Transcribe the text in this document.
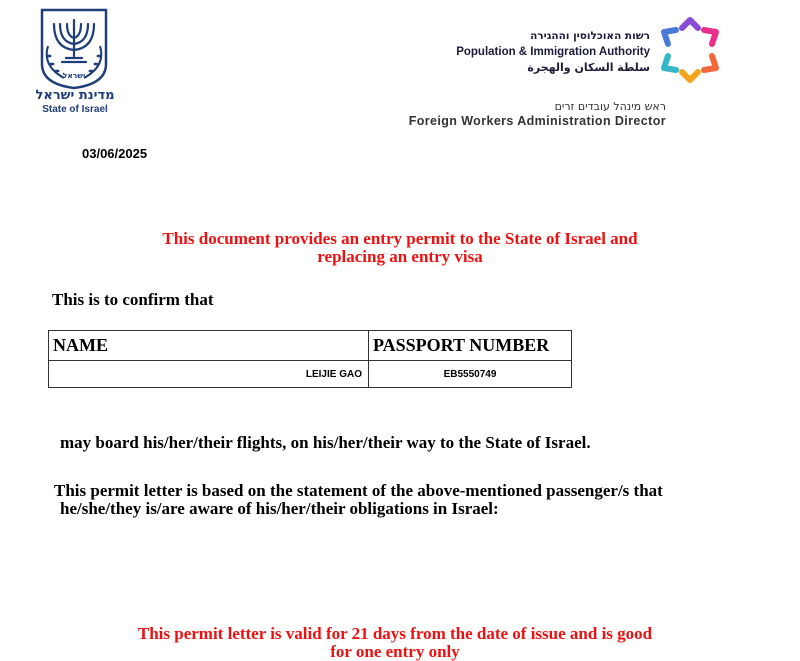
ישראל
מדינת ישראל
State of Israel
רשות האוכלוסין וההגירה
Population & Immigration Authority
سلطة السكان والهجرة
ראש מינהל עובדים זרים
Foreign Workers Administration Director
03/06/2025
This document provides an entry permit to the State of Israel and
replacing an entry visa
This is to confirm that
NAME	PASSPORT NUMBER
LEIJIE GAO	EB5550749
may board his/her/their flights, on his/her/their way to the State of Israel.
This permit letter is based on the statement of the above-mentioned passenger/s that
he/she/they is/are aware of his/her/their obligations in Israel:
This permit letter is valid for 21 days from the date of issue and is good
for one entry only
